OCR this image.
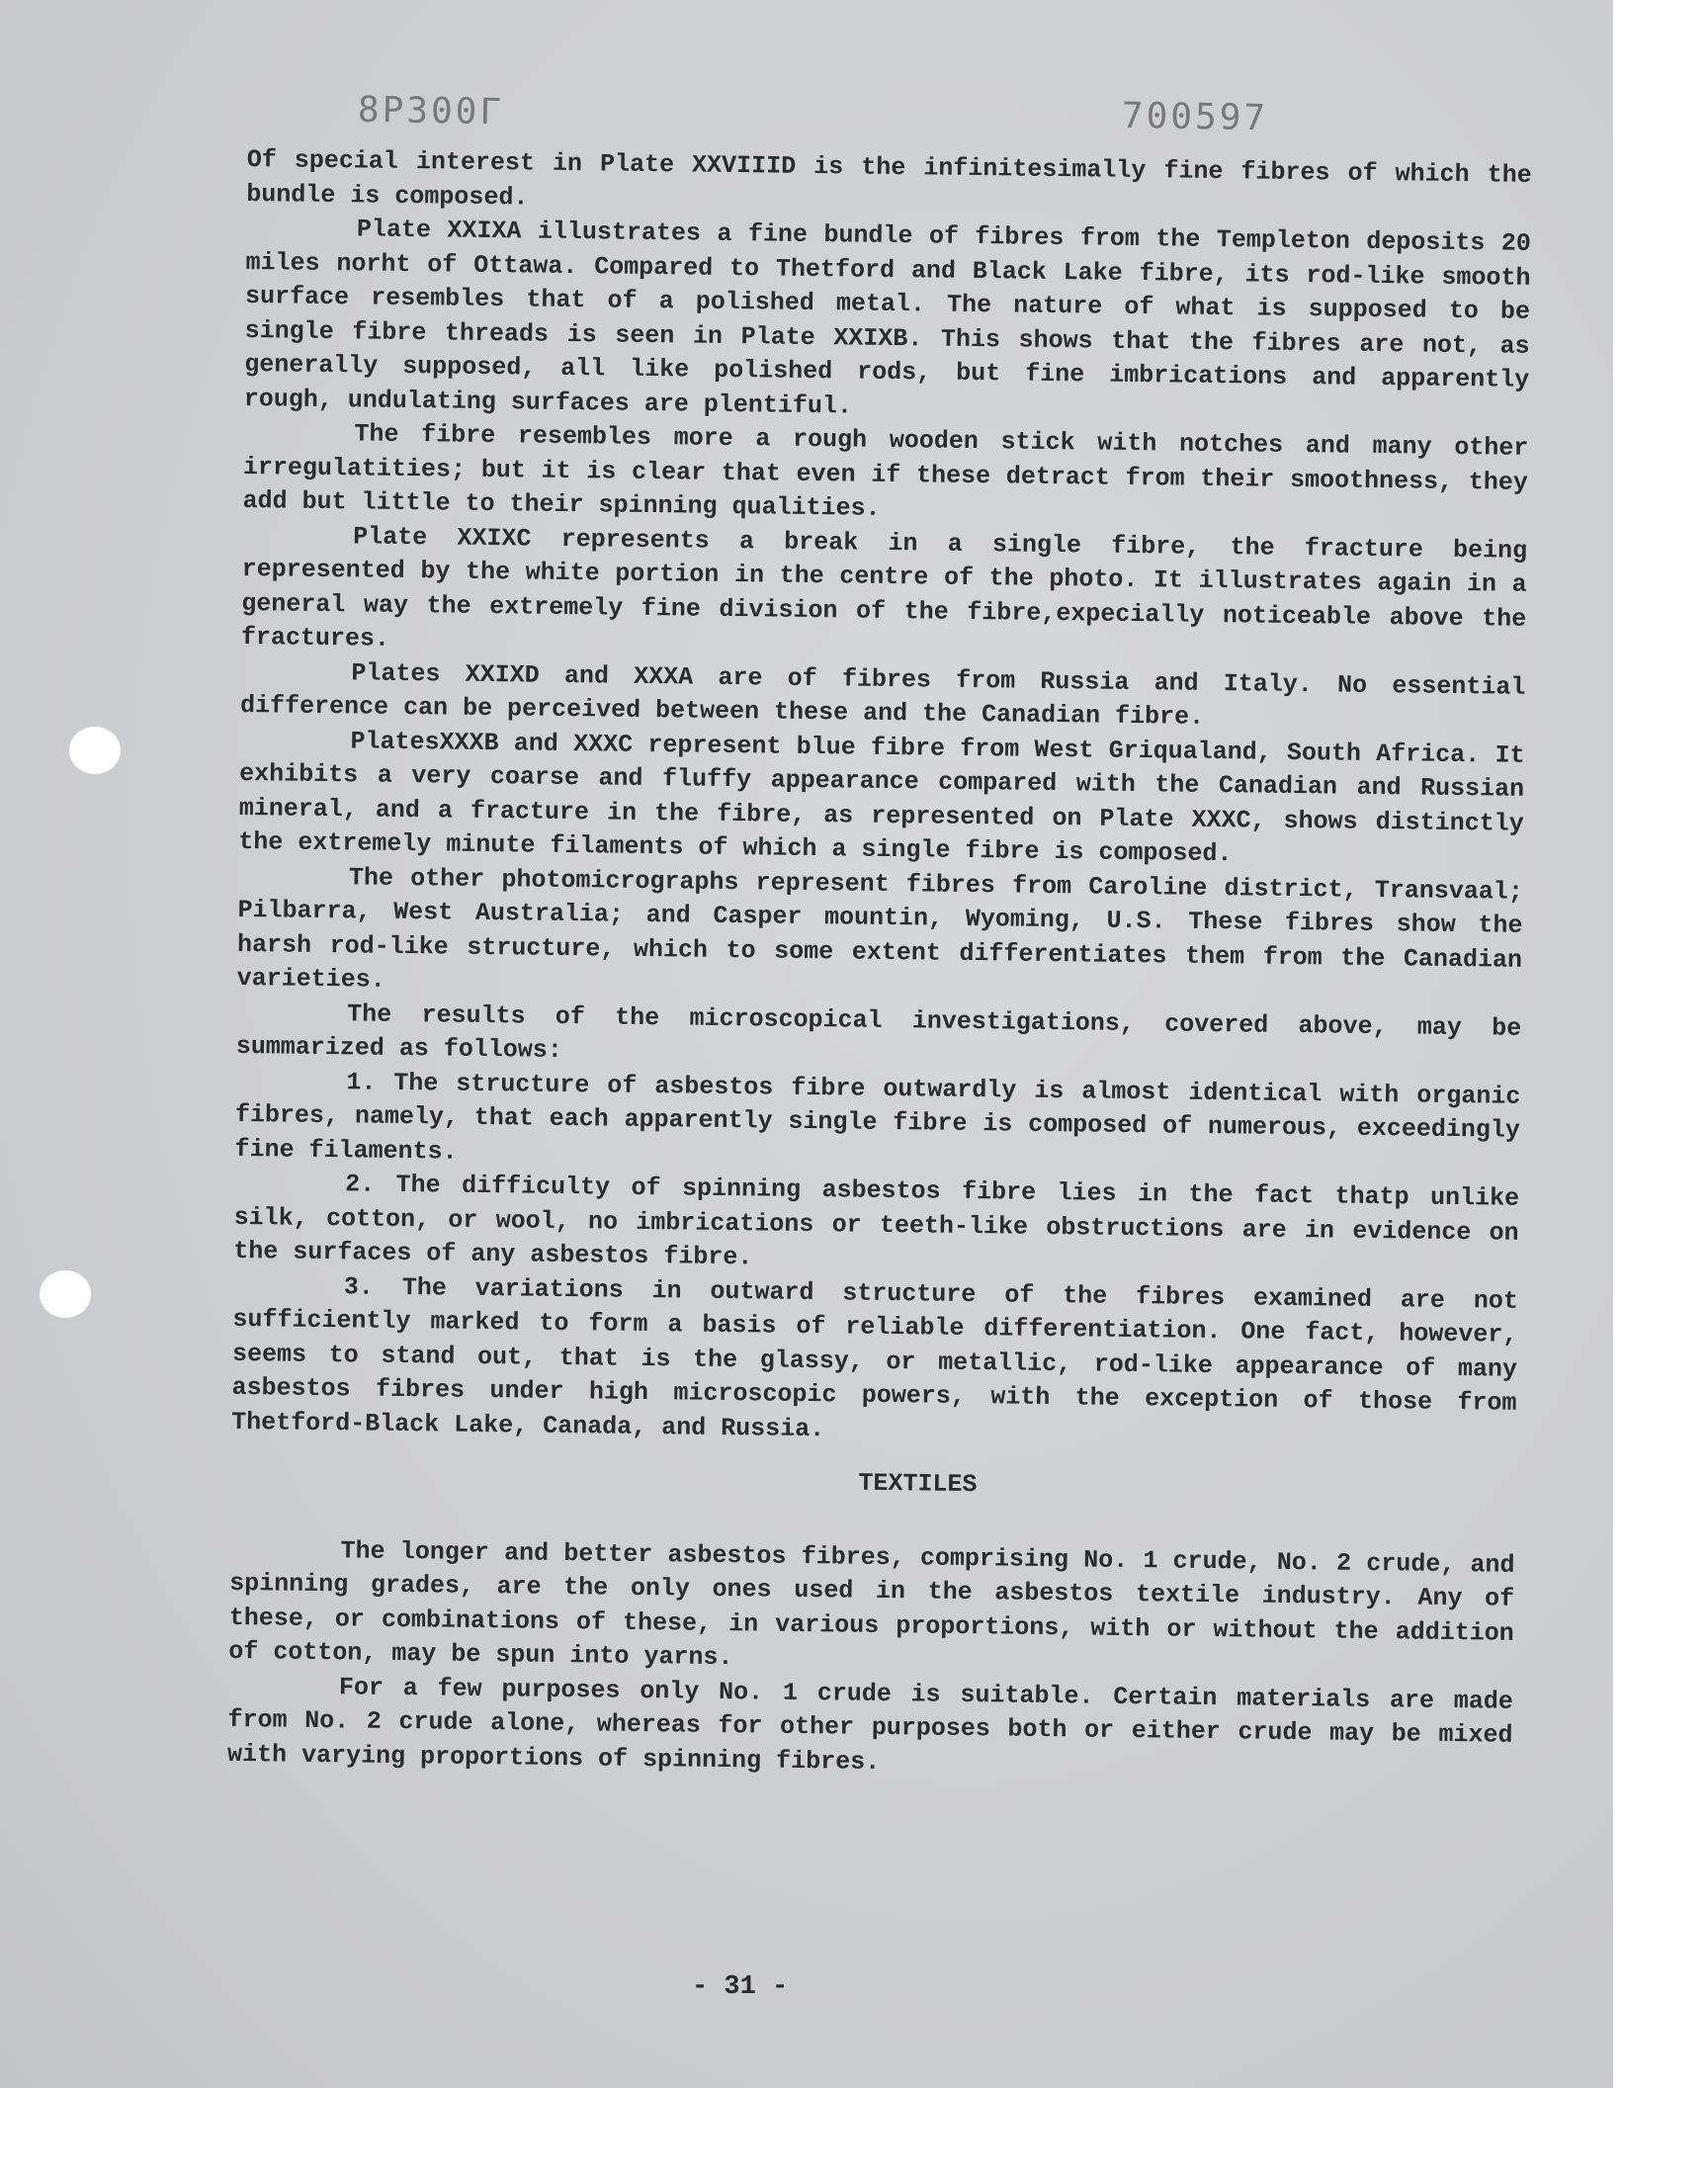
8P300Γ	700597

Of special interest in Plate XXVIIID is the infinitesimally fine fibres of which the bundle is composed.

Plate XXIXA illustrates a fine bundle of fibres from the Templeton deposits 20 miles norht of Ottawa. Compared to Thetford and Black Lake fibre, its rod-like smooth surface resembles that of a polished metal. The nature of what is supposed to be single fibre threads is seen in Plate XXIXB. This shows that the fibres are not, as generally supposed, all like polished rods, but fine imbrications and apparently rough, undulating surfaces are plentiful.

The fibre resembles more a rough wooden stick with notches and many other irregulatities; but it is clear that even if these detract from their smoothness, they add but little to their spinning qualities.

Plate XXIXC represents a break in a single fibre, the fracture being represented by the white portion in the centre of the photo. It illustrates again in a general way the extremely fine division of the fibre,expecially noticeable above the fractures.

Plates XXIXD and XXXA are of fibres from Russia and Italy. No essential difference can be perceived between these and the Canadian fibre.

PlatesXXXB and XXXC represent blue fibre from West Griqualand, South Africa. It exhibits a very coarse and fluffy appearance compared with the Canadian and Russian mineral, and a fracture in the fibre, as represented on Plate XXXC, shows distinctly the extremely minute filaments of which a single fibre is composed.

The other photomicrographs represent fibres from Caroline district, Transvaal; Pilbarra, West Australia; and Casper mountin, Wyoming, U.S. These fibres show the harsh rod-like structure, which to some extent differentiates them from the Canadian varieties.

The results of the microscopical investigations, covered above, may be summarized as follows:

1. The structure of asbestos fibre outwardly is almost identical with organic fibres, namely, that each apparently single fibre is composed of numerous, exceedingly fine filaments.

2. The difficulty of spinning asbestos fibre lies in the fact thatp unlike silk, cotton, or wool, no imbrications or teeth-like obstructions are in evidence on the surfaces of any asbestos fibre.

3. The variations in outward structure of the fibres examined are not sufficiently marked to form a basis of reliable differentiation. One fact, however, seems to stand out, that is the glassy, or metallic, rod-like appearance of many asbestos fibres under high microscopic powers, with the exception of those from Thetford-Black Lake, Canada, and Russia.

TEXTILES

The longer and better asbestos fibres, comprising No. 1 crude, No. 2 crude, and spinning grades, are the only ones used in the asbestos textile industry. Any of these, or combinations of these, in various proportions, with or without the addition of cotton, may be spun into yarns.

For a few purposes only No. 1 crude is suitable. Certain materials are made from No. 2 crude alone, whereas for other purposes both or either crude may be mixed with varying proportions of spinning fibres.

- 31 -
